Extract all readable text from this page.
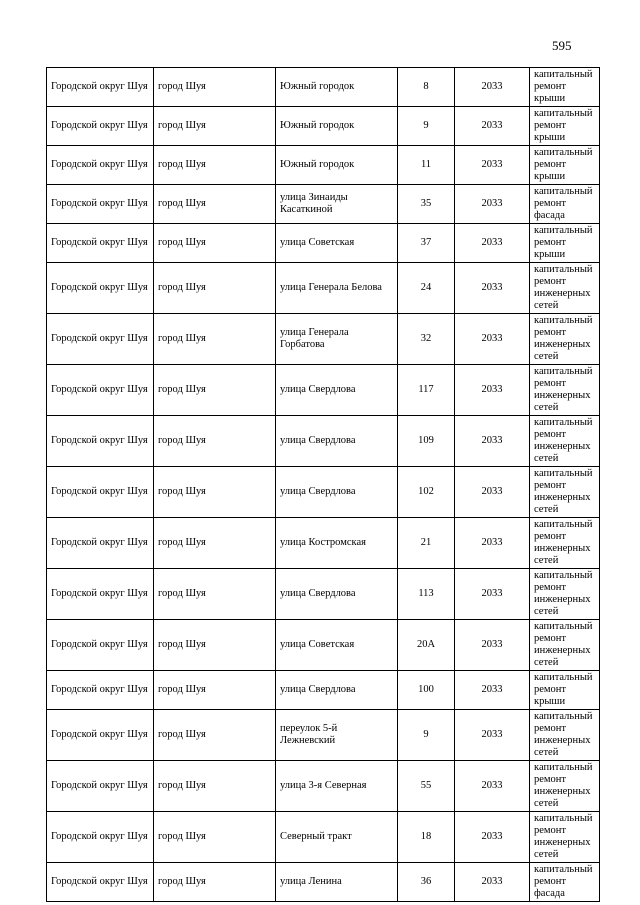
595
Городской округ Шуя	город Шуя	Южный городок	8	2033	капитальный ремонт крыши
Городской округ Шуя	город Шуя	Южный городок	9	2033	капитальный ремонт крыши
Городской округ Шуя	город Шуя	Южный городок	11	2033	капитальный ремонт крыши
Городской округ Шуя	город Шуя	улица Зинаиды Касаткиной	35	2033	капитальный ремонт фасада
Городской округ Шуя	город Шуя	улица Советская	37	2033	капитальный ремонт крыши
Городской округ Шуя	город Шуя	улица Генерала Белова	24	2033	капитальный ремонт инженерных сетей
Городской округ Шуя	город Шуя	улица Генерала Горбатова	32	2033	капитальный ремонт инженерных сетей
Городской округ Шуя	город Шуя	улица Свердлова	117	2033	капитальный ремонт инженерных сетей
Городской округ Шуя	город Шуя	улица Свердлова	109	2033	капитальный ремонт инженерных сетей
Городской округ Шуя	город Шуя	улица Свердлова	102	2033	капитальный ремонт инженерных сетей
Городской округ Шуя	город Шуя	улица Костромская	21	2033	капитальный ремонт инженерных сетей
Городской округ Шуя	город Шуя	улица Свердлова	113	2033	капитальный ремонт инженерных сетей
Городской округ Шуя	город Шуя	улица Советская	20А	2033	капитальный ремонт инженерных сетей
Городской округ Шуя	город Шуя	улица Свердлова	100	2033	капитальный ремонт крыши
Городской округ Шуя	город Шуя	переулок 5-й Лежневский	9	2033	капитальный ремонт инженерных сетей
Городской округ Шуя	город Шуя	улица 3-я Северная	55	2033	капитальный ремонт инженерных сетей
Городской округ Шуя	город Шуя	Северный тракт	18	2033	капитальный ремонт инженерных сетей
Городской округ Шуя	город Шуя	улица Ленина	36	2033	капитальный ремонт фасада
